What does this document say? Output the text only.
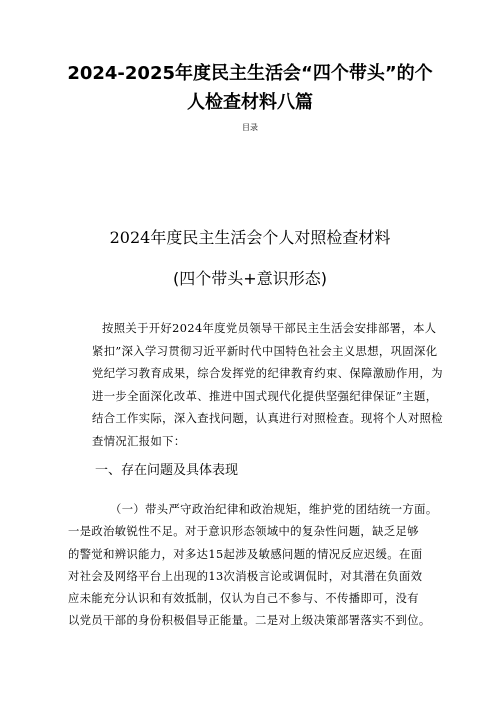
2024-2025年度民主生活会“四个带头”的个
人检查材料八篇
目录
2024年度民主生活会个人对照检查材料
(四个带头+意识形态)
按照关于开好2024年度党员领导干部民主生活会安排部署，本人
紧扣”深入学习贯彻习近平新时代中国特色社会主义思想，巩固深化
党纪学习教育成果，综合发挥党的纪律教育约束、保障激励作用，为
进一步全面深化改革、推进中国式现代化提供坚强纪律保证”主题，
结合工作实际，深入查找问题，认真进行对照检查。现将个人对照检
查情况汇报如下：
一、存在问题及具体表现
（一）带头严守政治纪律和政治规矩，维护党的团结统一方面。
一是政治敏锐性不足。对于意识形态领域中的复杂性问题，缺乏足够
的警觉和辨识能力，对多达15起涉及敏感问题的情况反应迟缓。在面
对社会及网络平台上出现的13次消极言论或调侃时，对其潜在负面效
应未能充分认识和有效抵制，仅认为自己不参与、不传播即可，没有
以党员干部的身份积极倡导正能量。二是对上级决策部署落实不到位。
